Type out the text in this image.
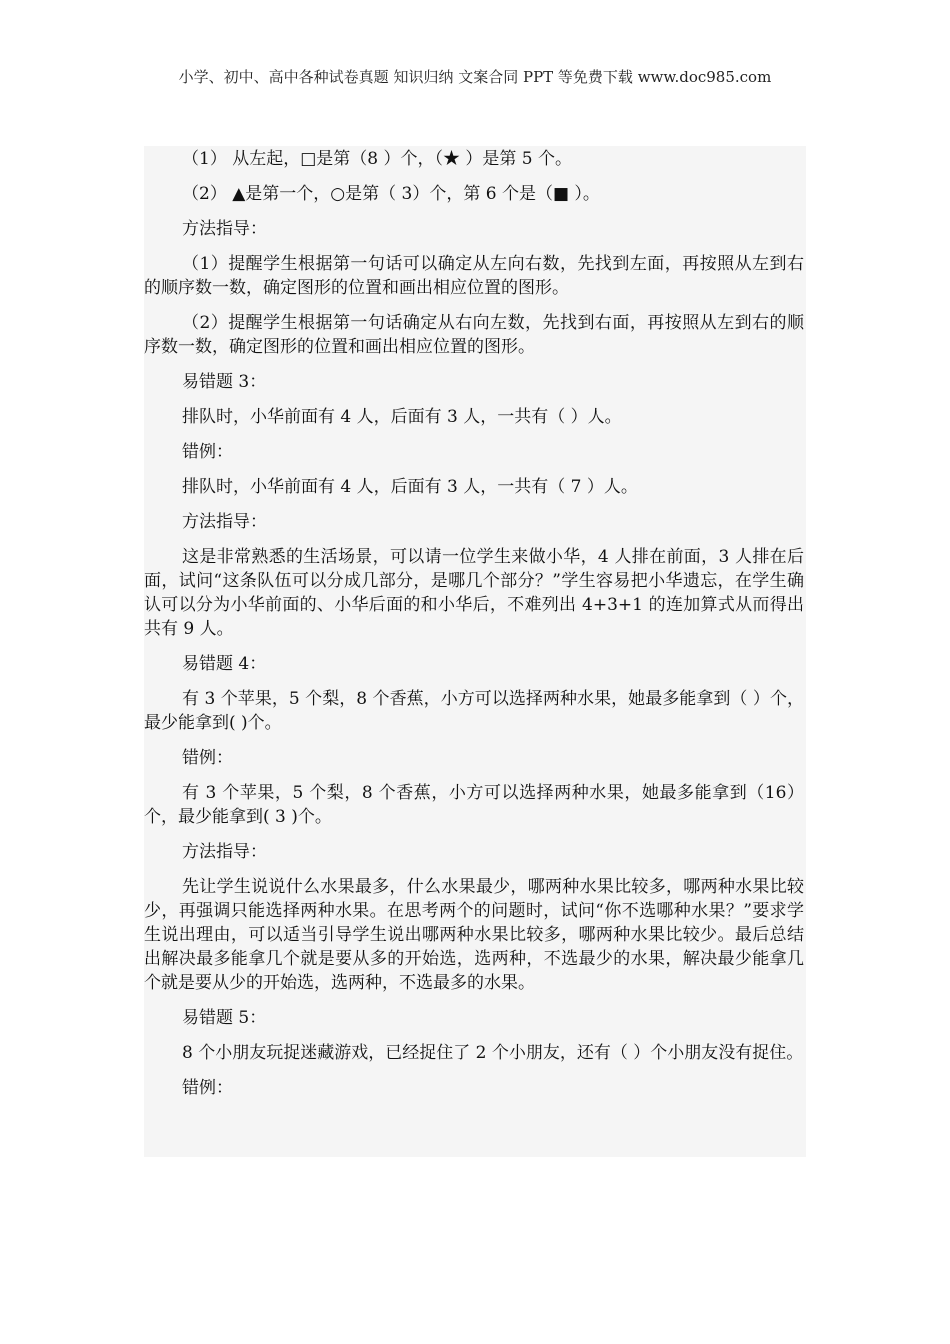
小学、初中、高中各种试卷真题 知识归纳 文案合同 PPT 等免费下载 www.doc985.com

（1） 从左起，□是第（8 ）个，（★ ）是第 5 个。

（2） ▲是第一个，○是第（ 3）个，第 6 个是（■ ）。

方法指导：

（1）提醒学生根据第一句话可以确定从左向右数，先找到左面，再按照从左到右的顺序数一数，确定图形的位置和画出相应位置的图形。

（2）提醒学生根据第一句话确定从右向左数，先找到右面，再按照从左到右的顺序数一数，确定图形的位置和画出相应位置的图形。

易错题 3：

排队时，小华前面有 4 人，后面有 3 人，一共有（ ）人。

错例：

排队时，小华前面有 4 人，后面有 3 人，一共有（ 7 ）人。

方法指导：

这是非常熟悉的生活场景，可以请一位学生来做小华，4 人排在前面，3 人排在后面，试问“这条队伍可以分成几部分，是哪几个部分？”学生容易把小华遗忘，在学生确认可以分为小华前面的、小华后面的和小华后，不难列出 4+3+1 的连加算式从而得出共有 9 人。

易错题 4：

有 3 个苹果，5 个梨，8 个香蕉，小方可以选择两种水果，她最多能拿到（ ）个，最少能拿到( )个。

错例：

有 3 个苹果，5 个梨，8 个香蕉，小方可以选择两种水果，她最多能拿到（16）个，最少能拿到( 3 )个。

方法指导：

先让学生说说什么水果最多，什么水果最少，哪两种水果比较多，哪两种水果比较少，再强调只能选择两种水果。在思考两个的问题时，试问“你不选哪种水果？”要求学生说出理由，可以适当引导学生说出哪两种水果比较多，哪两种水果比较少。最后总结出解决最多能拿几个就是要从多的开始选，选两种，不选最少的水果，解决最少能拿几个就是要从少的开始选，选两种，不选最多的水果。

易错题 5：

8 个小朋友玩捉迷藏游戏，已经捉住了 2 个小朋友，还有（ ）个小朋友没有捉住。

错例：
